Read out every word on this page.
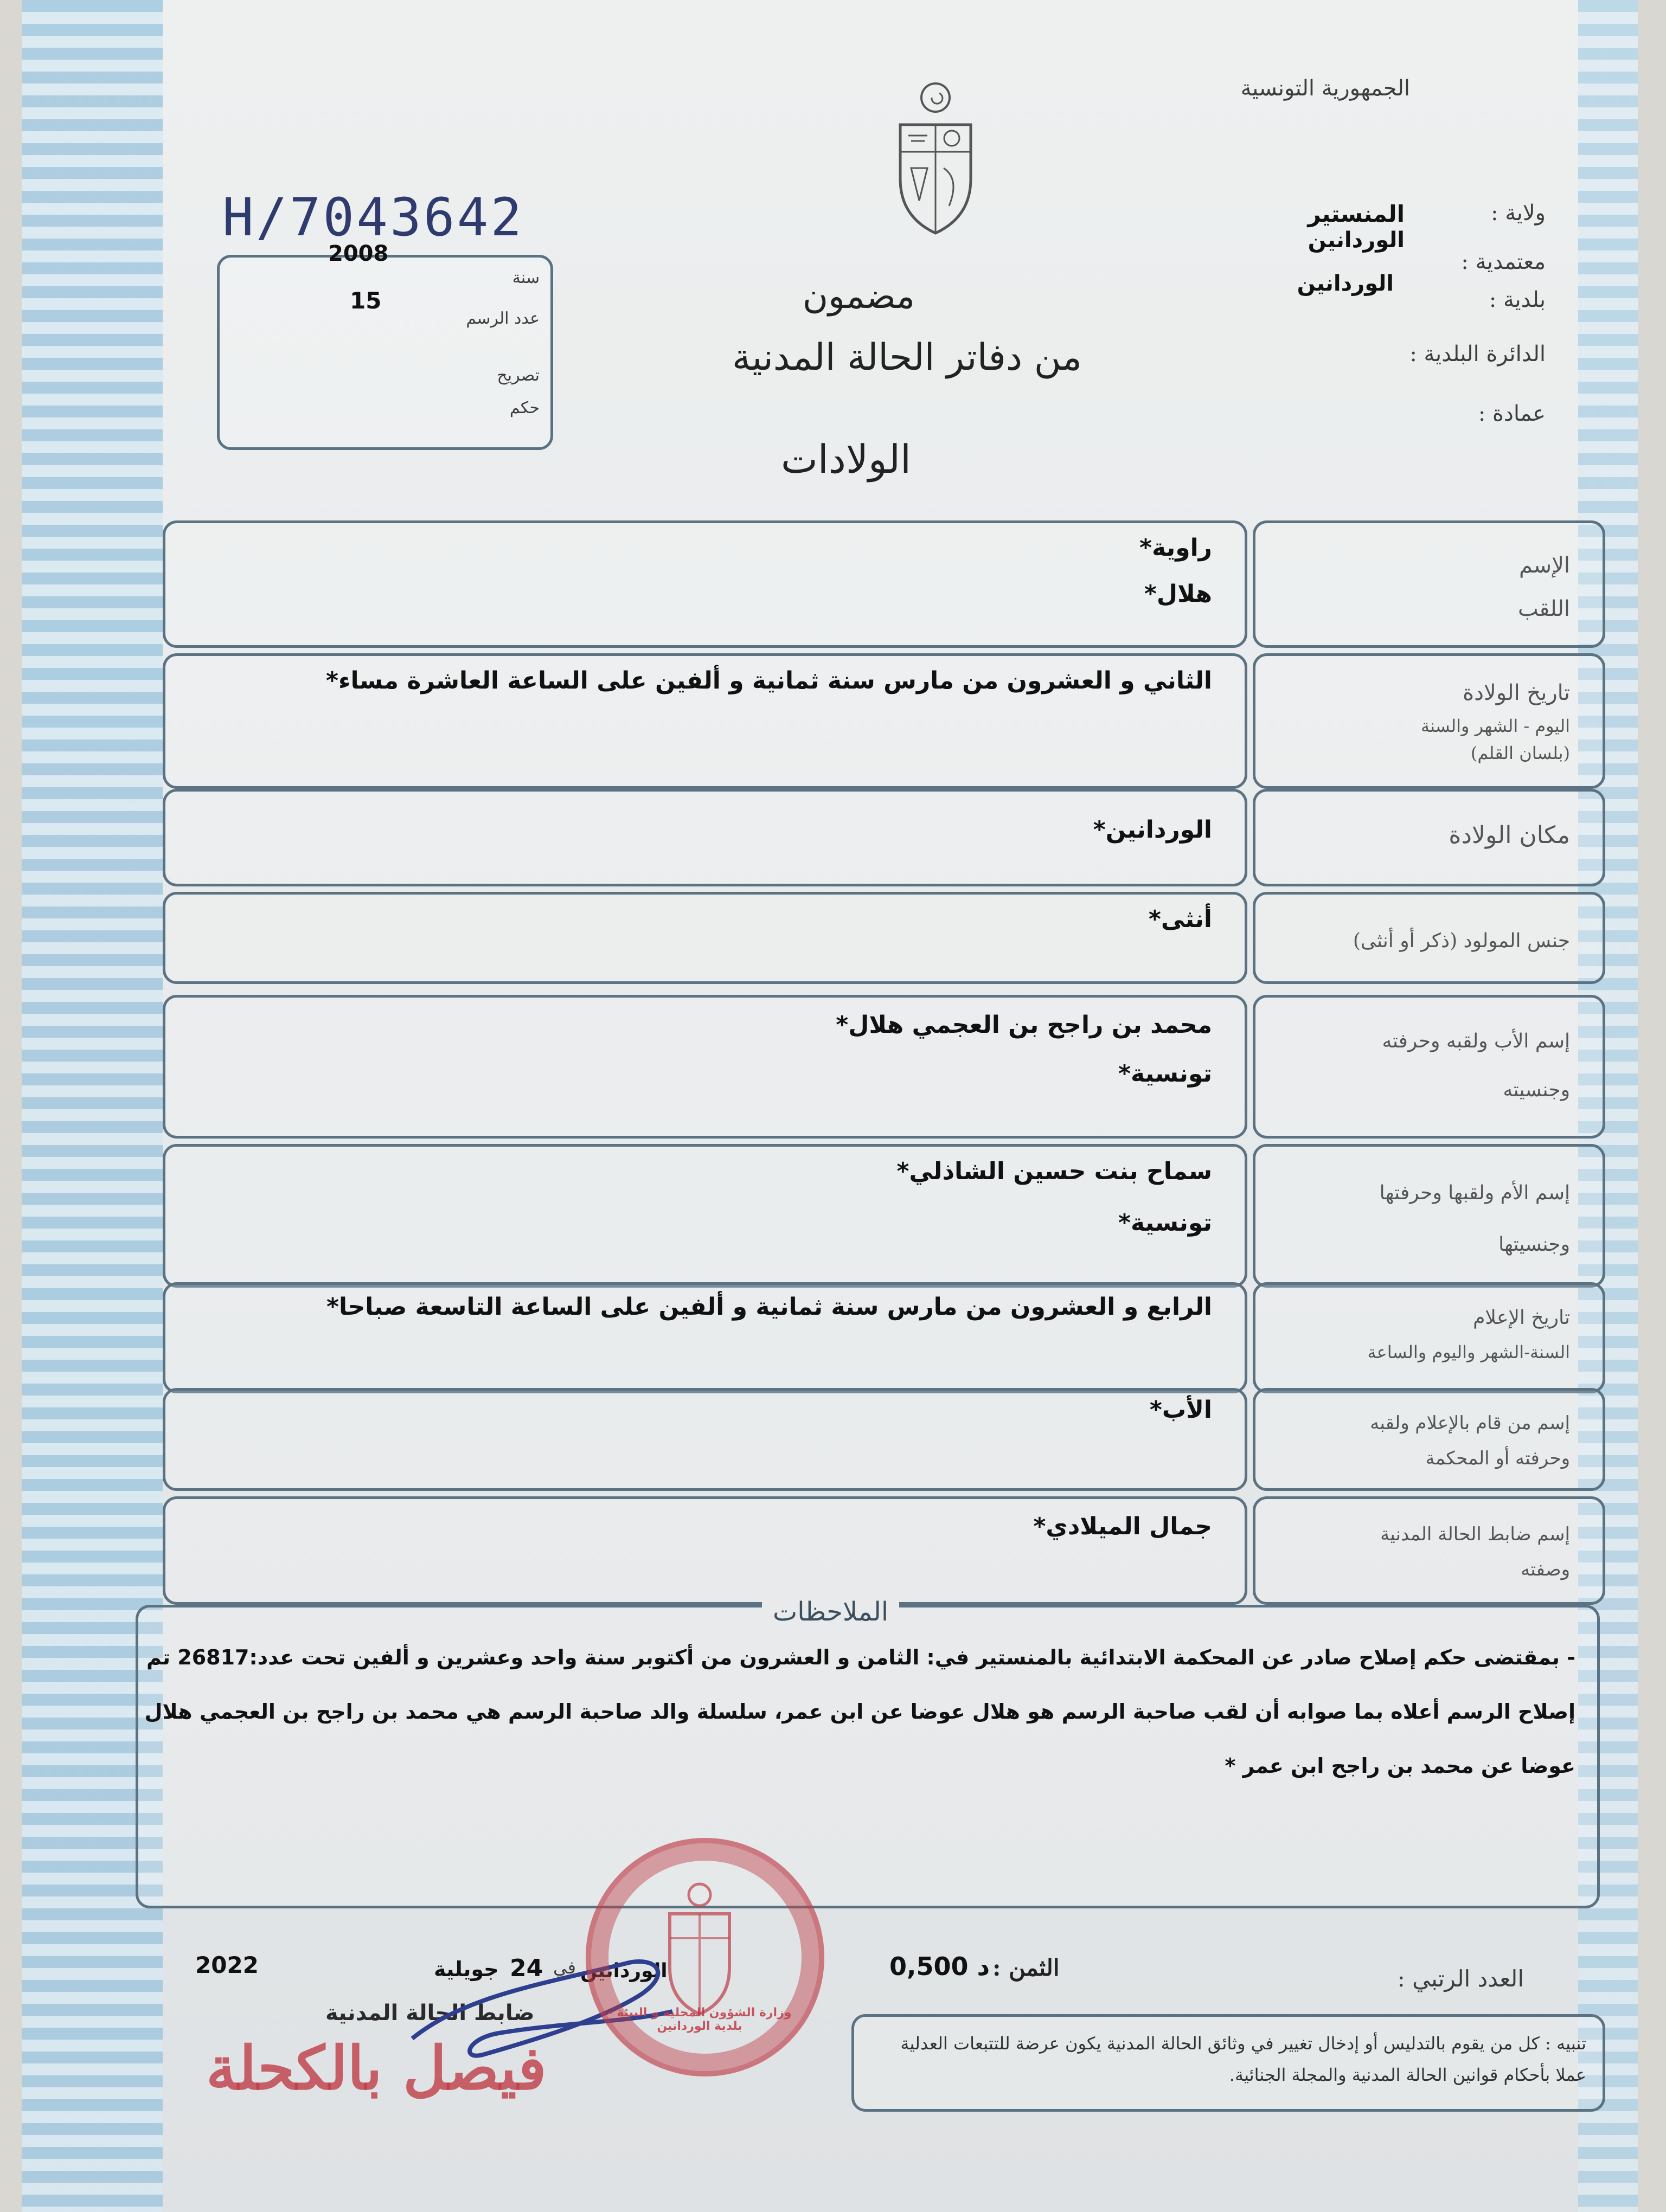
الجمهورية التونسية
H/7043642
2008
سنة
15
عدد الرسم
تصريح
حكم
ولاية :
المنستير
معتمدية :
الوردانين
بلدية :
الوردانين
الدائرة البلدية :
عمادة :
مضمون
من دفاتر الحالة المدنية
الولادات
الإسم
اللقب
راوية*
هلال*
تاريخ الولادة
اليوم - الشهر والسنة
(بلسان القلم)
الثاني و العشرون من مارس سنة ثمانية و ألفين على الساعة العاشرة مساء*
مكان الولادة
الوردانين*
جنس المولود (ذكر أو أنثى)
أنثى*
إسم الأب ولقبه وحرفته
وجنسيته
محمد بن راجح بن العجمي هلال*
تونسية*
إسم الأم ولقبها وحرفتها
وجنسيتها
سماح بنت حسين الشاذلي*
تونسية*
تاريخ الإعلام
السنة-الشهر واليوم والساعة
الرابع و العشرون من مارس سنة ثمانية و ألفين على الساعة التاسعة صباحا*
إسم من قام بالإعلام ولقبه
وحرفته أو المحكمة
الأب*
إسم ضابط الحالة المدنية
وصفته
جمال الميلادي*
الملاحظات
- بمقتضى حكم إصلاح صادر عن المحكمة الابتدائية بالمنستير في: الثامن و العشرون من أكتوبر سنة واحد وعشرين و ألفين تحت عدد:26817 تم
إصلاح الرسم أعلاه بما صوابه أن لقب صاحبة الرسم هو هلال عوضا عن ابن عمر، سلسلة والد صاحبة الرسم هي محمد بن راجح بن العجمي هلال
عوضا عن محمد بن راجح ابن عمر *
العدد الرتبي :
الثمن :
0,500 د
الوردانين
في
24
جويلية
2022
ضابط الحالة المدنية
فيصل بالكحلة
وزارة الشؤون المحلية و البيئة - بلدية الوردانين
تنبيه : كل من يقوم بالتدليس أو إدخال تغيير في وثائق الحالة المدنية يكون عرضة للتتبعات العدلية عملا بأحكام قوانين الحالة المدنية والمجلة الجنائية.
